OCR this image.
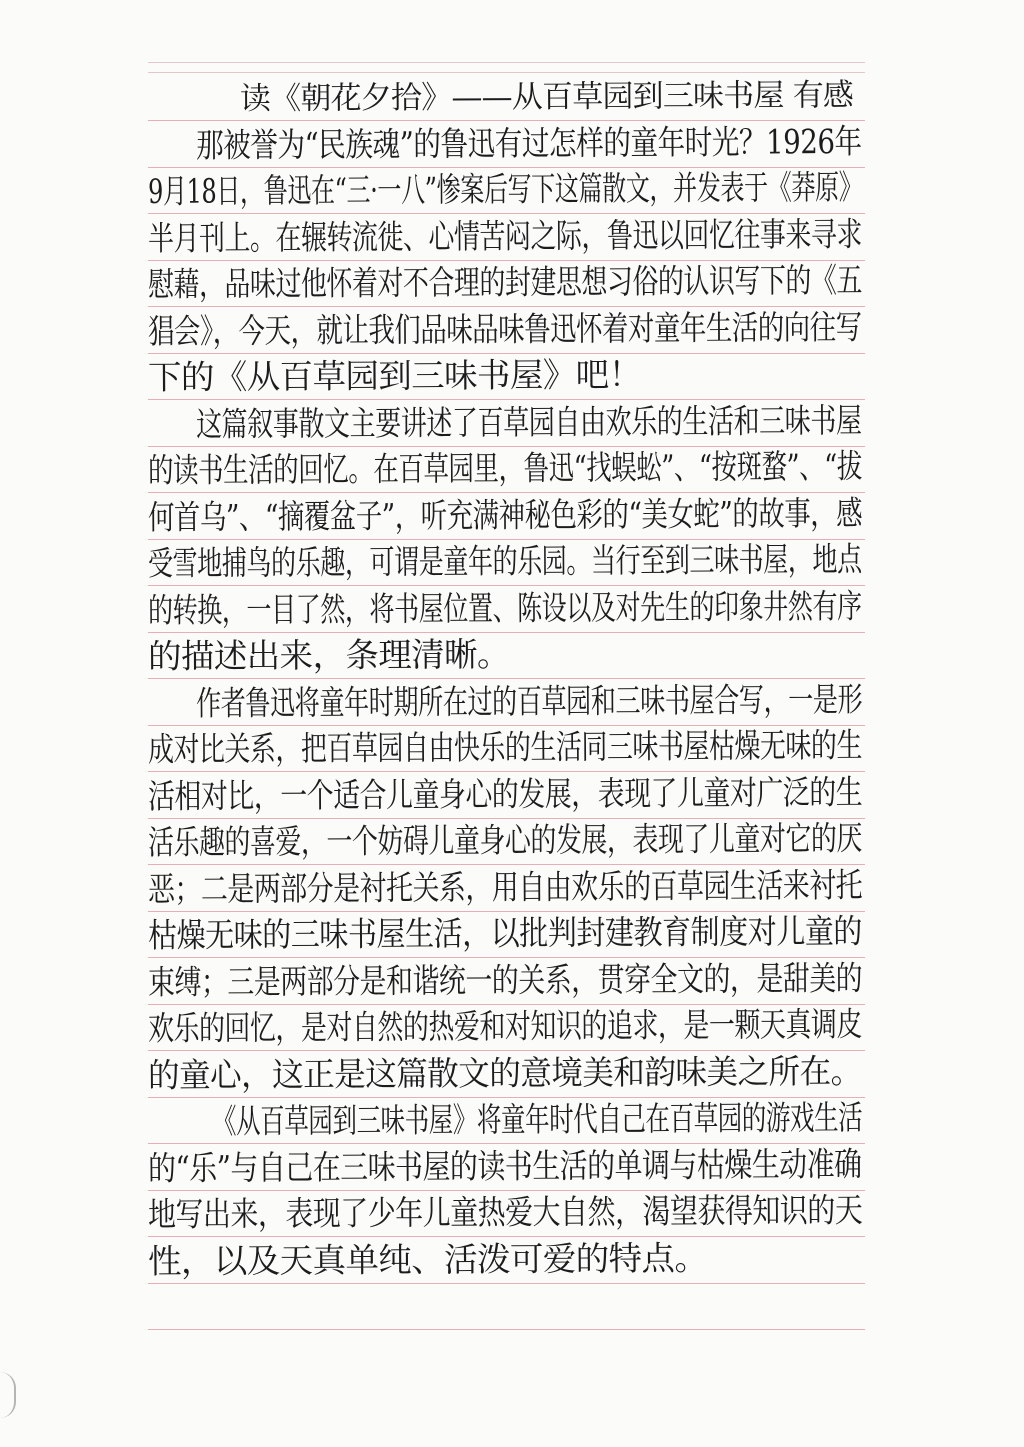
读《朝花夕拾》——从百草园到三味书屋 有感
那被誉为“民族魂”的鲁迅有过怎样的童年时光？1926年
9月18日，鲁迅在“三·一八”惨案后写下这篇散文，并发表于《莽原》
半月刊上。在辗转流徙、心情苦闷之际，鲁迅以回忆往事来寻求
慰藉，品味过他怀着对不合理的封建思想习俗的认识写下的《五
猖会》，今天，就让我们品味品味鲁迅怀着对童年生活的向往写
下的《从百草园到三味书屋》吧！
这篇叙事散文主要讲述了百草园自由欢乐的生活和三味书屋
的读书生活的回忆。在百草园里，鲁迅“找蜈蚣”、“按斑蝥”、“拔
何首乌”、“摘覆盆子”，听充满神秘色彩的“美女蛇”的故事，感
受雪地捕鸟的乐趣，可谓是童年的乐园。当行至到三味书屋，地点
的转换，一目了然，将书屋位置、陈设以及对先生的印象井然有序
的描述出来，条理清晰。
作者鲁迅将童年时期所在过的百草园和三味书屋合写，一是形
成对比关系，把百草园自由快乐的生活同三味书屋枯燥无味的生
活相对比，一个适合儿童身心的发展，表现了儿童对广泛的生
活乐趣的喜爱，一个妨碍儿童身心的发展，表现了儿童对它的厌
恶；二是两部分是衬托关系，用自由欢乐的百草园生活来衬托
枯燥无味的三味书屋生活，以批判封建教育制度对儿童的
束缚；三是两部分是和谐统一的关系，贯穿全文的，是甜美的
欢乐的回忆，是对自然的热爱和对知识的追求，是一颗天真调皮
的童心，这正是这篇散文的意境美和韵味美之所在。
《从百草园到三味书屋》将童年时代自己在百草园的游戏生活
的“乐”与自己在三味书屋的读书生活的单调与枯燥生动准确
地写出来，表现了少年儿童热爱大自然，渴望获得知识的天
性，以及天真单纯、活泼可爱的特点。
